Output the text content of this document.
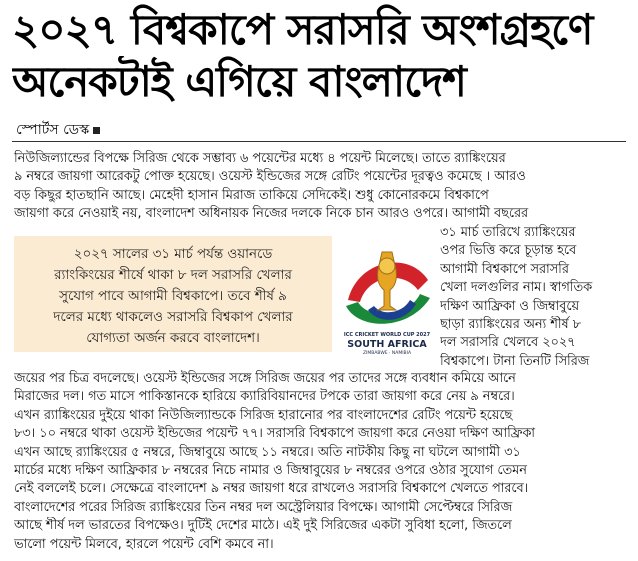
২০২৭ বিশ্বকাপে সরাসরি অংশগ্রহণে
অনেকটাই এগিয়ে বাংলাদেশ
স্পোর্টস ডেস্ক
নিউজিল্যান্ডের বিপক্ষে সিরিজ থেকে সম্ভাব্য ৬ পয়েন্টের মধ্যে ৪ পয়েন্ট মিলেছে। তাতে র‍্যাঙ্কিংয়ের
৯ নম্বরে জায়গা আরেকটু পোক্ত হয়েছে। ওয়েস্ট ইন্ডিজের সঙ্গে রেটিং পয়েন্টের দূরত্বও কমেছে । আরও
বড় কিছুর হাতছানি আছে। মেহেদী হাসান মিরাজ তাকিয়ে সেদিকেই। শুধু কোনোরকমে বিশ্বকাপে
জায়গা করে নেওয়াই নয়, বাংলাদেশ অধিনায়ক নিজের দলকে নিকে চান আরও ওপরে। আগামী বছরের
২০২৭ সালের ৩১ মার্চ পর্যন্ত ওয়ানডে
র‍্যাংকিংয়ের শীর্ষে থাকা ৮ দল সরাসরি খেলার
সুযোগ পাবে আগামী বিশ্বকাপে। তবে শীর্ষ ৯
দলের মধ্যে থাকলেও সরাসরি বিশ্বকাপ খেলার
যোগ্যতা অর্জন করবে বাংলাদেশ।	ICC CRICKET WORLD CUP 2027
SOUTH AFRICA
ZIMBABWE · NAMIBIA
৩১ মার্চ তারিখে র‍্যাঙ্কিংয়ের
ওপর ভিত্তি করে চূড়ান্ত হবে
আগামী বিশ্বকাপে সরাসরি
খেলা দলগুলির নাম। স্বাগতিক
দক্ষিণ আফ্রিকা ও জিম্বাবুয়ে
ছাড়া র‍্যাঙ্কিংয়ের অন্য শীর্ষ ৮
দল সরাসরি খেলবে ২০২৭
বিশ্বকাপে। টানা তিনটি সিরিজ
জয়ের পর চিত্র বদলেছে। ওয়েস্ট ইন্ডিজের সঙ্গে সিরিজ জয়ের পর তাদের সঙ্গে ব্যবধান কমিয়ে আনে
মিরাজের দল। গত মাসে পাকিস্তানকে হারিয়ে ক্যারিবিয়ানদের টপকে তারা জায়গা করে নেয় ৯ নম্বরে।
এখন র‍্যাঙ্কিংয়ের দুইয়ে থাকা নিউজিল্যান্ডকে সিরিজ হারানোর পর বাংলাদেশের রেটিং পয়েন্ট হয়েছে
৮৩। ১০ নম্বরে থাকা ওয়েস্ট ইন্ডিজের পয়েন্ট ৭৭। সরাসরি বিশ্বকাপে জায়গা করে নেওয়া দক্ষিণ আফ্রিকা
এখন আছে র‍্যাঙ্কিংয়ের ৫ নম্বরে, জিম্বাবুয়ে আছে ১১ নম্বরে। অতি নাটকীয় কিছু না ঘটলে আগামী ৩১
মার্চের মধ্যে দক্ষিণ আফ্রিকার ৮ নম্বরের নিচে নামার ও জিম্বাবুয়ের ৮ নম্বরের ওপরে ওঠার সুযোগ তেমন
নেই বললেই চলে। সেক্ষেত্রে বাংলাদেশ ৯ নম্বর জায়গা ধরে রাখলেও সরাসরি বিশ্বকাপে খেলতে পারবে।
বাংলাদেশের পরের সিরিজ র‍্যাঙ্কিংয়ের তিন নম্বর দল অস্ট্রেলিয়ার বিপক্ষে। আগামী সেপ্টেম্বরে সিরিজ
আছে শীর্ষ দল ভারতের বিপক্ষেও। দুটিই দেশের মাঠে। এই দুই সিরিজের একটা সুবিধা হলো, জিতলে
ভালো পয়েন্ট মিলবে, হারলে পয়েন্ট বেশি কমবে না।
